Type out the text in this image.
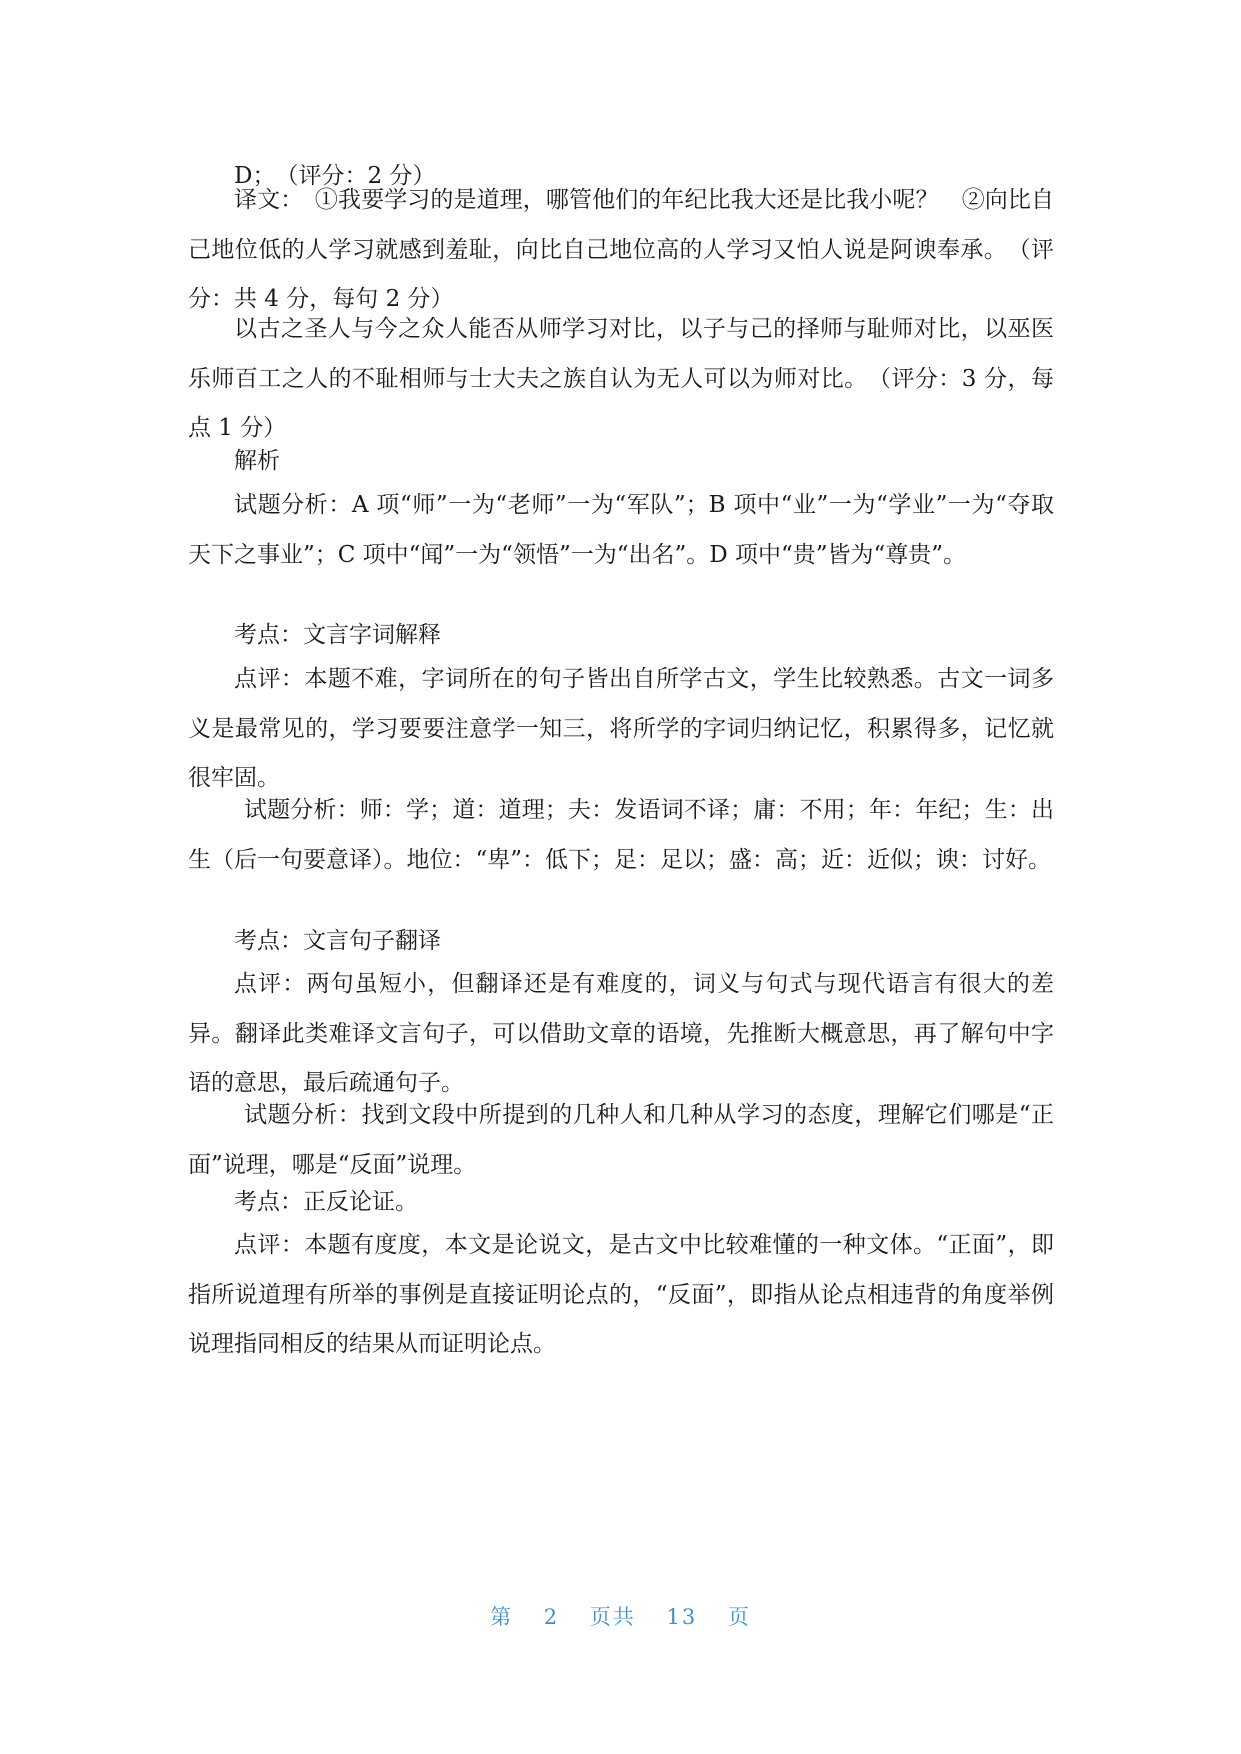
D；　（评分：2 分）

译文：　①我要学习的是道理，哪管他们的年纪比我大还是比我小呢？　②向比自己地位低的人学习就感到羞耻，向比自己地位高的人学习又怕人说是阿谀奉承。　（评分：共 4 分，每句 2 分）

以古之圣人与今之众人能否从师学习对比，以子与己的择师与耻师对比，以巫医乐师百工之人的不耻相师与士大夫之族自认为无人可以为师对比。　（评分：3 分，每点 1 分）

解析

试题分析：A 项“师”一为“老师”一为“军队”；B 项中“业”一为“学业”一为“夺取天下之事业”；C 项中“闻”一为“领悟”一为“出名”。D 项中“贵”皆为“尊贵”。

考点：文言字词解释

点评：本题不难，字词所在的句子皆出自所学古文，学生比较熟悉。古文一词多义是最常见的，学习要要注意学一知三，将所学的字词归纳记忆，积累得多，记忆就很牢固。

试题分析：师：学；道：道理；夫：发语词不译；庸：不用；年：年纪；生：出生（后一句要意译）。地位：“卑”：低下；足：足以；盛：高；近：近似；谀：讨好。

考点：文言句子翻译

点评：两句虽短小，但翻译还是有难度的，词义与句式与现代语言有很大的差异。翻译此类难译文言句子，可以借助文章的语境，先推断大概意思，再了解句中字语的意思，最后疏通句子。

试题分析：找到文段中所提到的几种人和几种从学习的态度，理解它们哪是“正面”说理，哪是“反面”说理。

考点：正反论证。

点评：本题有度度，本文是论说文，是古文中比较难懂的一种文体。“正面”，即指所说道理有所举的事例是直接证明论点的，“反面”，即指从论点相违背的角度举例说理指同相反的结果从而证明论点。

第 2 页共 13 页
